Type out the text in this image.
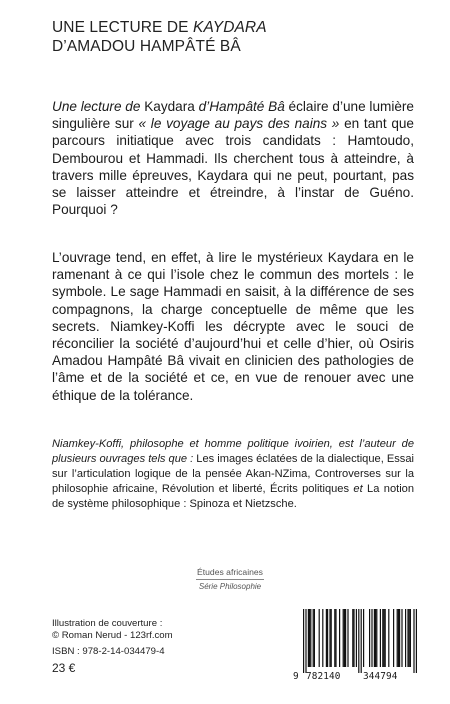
UNE LECTURE DE KAYDARA
D’AMADOU HAMPÂTÉ BÂ
Une lecture de Kaydara d’Hampâté Bâ éclaire d’une lumière singulière sur « le voyage au pays des nains » en tant que parcours initiatique avec trois candidats : Hamtoudo, Dembourou et Hammadi. Ils cherchent tous à atteindre, à travers mille épreuves, Kaydara qui ne peut, pourtant, pas se laisser atteindre et étreindre, à l’instar de Guéno. Pourquoi ?
L’ouvrage tend, en effet, à lire le mystérieux Kaydara en le ramenant à ce qui l’isole chez le commun des mortels : le symbole. Le sage Hammadi en saisit, à la différence de ses compagnons, la charge conceptuelle de même que les secrets. Niamkey-Koffi les décrypte avec le souci de réconcilier la société d’aujourd’hui et celle d’hier, où Osiris Amadou Hampâté Bâ vivait en clinicien des pathologies de l’âme et de la société et ce, en vue de renouer avec une éthique de la tolérance.
Niamkey-Koffi, philosophe et homme politique ivoirien, est l’auteur de plusieurs ouvrages tels que : Les images éclatées de la dialectique, Essai sur l’articulation logique de la pensée Akan-NZima, Controverses sur la philosophie africaine, Révolution et liberté, Écrits politiques et La notion de système philosophique : Spinoza et Nietzsche.
Études africaines
Série Philosophie
Illustration de couverture :
© Roman Nerud - 123rf.com
ISBN : 978-2-14-034479-4
23 €
9 782140 344794
